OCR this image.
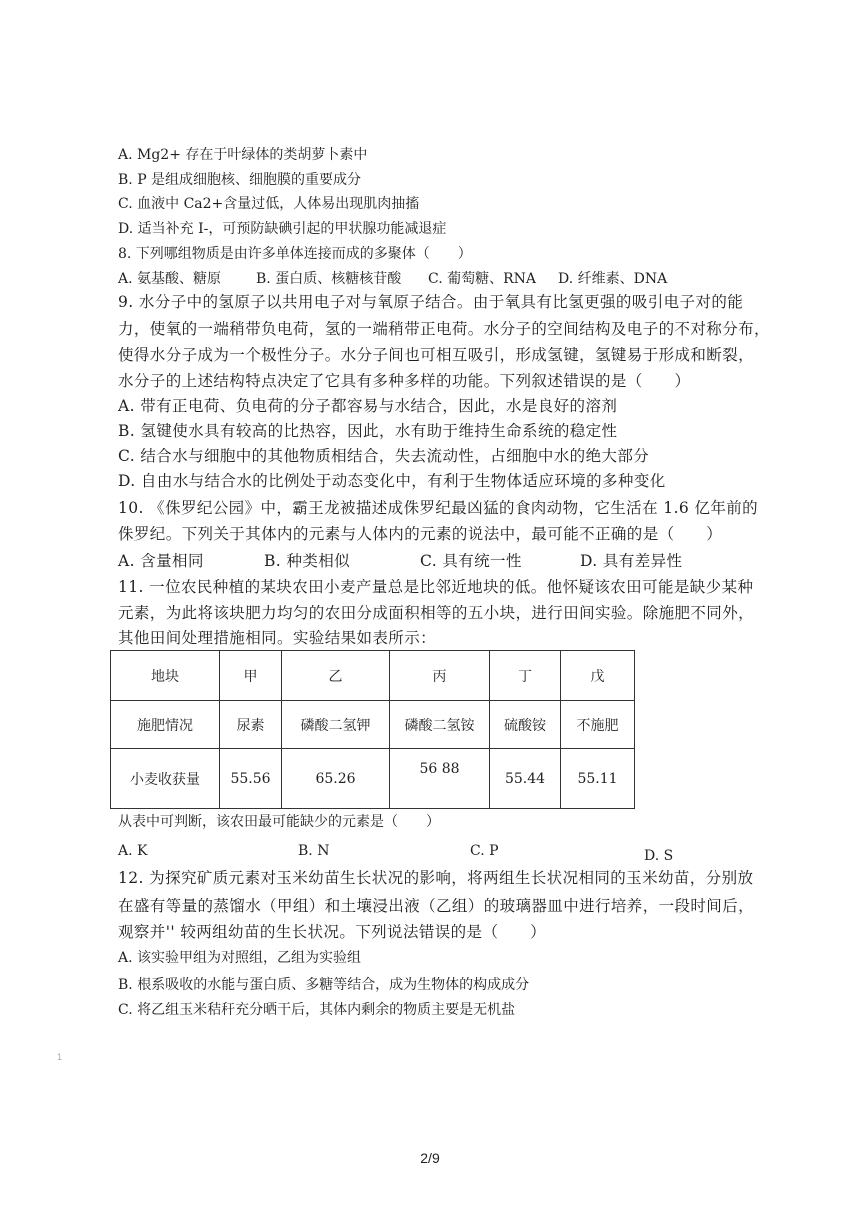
A. Mg2+ 存在于叶绿体的类胡萝卜素中
B. P 是组成细胞核、细胞膜的重要成分
C. 血液中 Ca2+含量过低，人体易出现肌肉抽搐
D. 适当补充 I-，可预防缺碘引起的甲状腺功能减退症
8. 下列哪组物质是由许多单体连接而成的多聚体（　　）
A. 氨基酸、糖原 B. 蛋白质、核糖核苷酸 C. 葡萄糖、RNA D. 纤维素、DNA
9. 水分子中的氢原子以共用电子对与氧原子结合。由于氧具有比氢更强的吸引电子对的能
力，使氧的一端稍带负电荷，氢的一端稍带正电荷。水分子的空间结构及电子的不对称分布，
使得水分子成为一个极性分子。水分子间也可相互吸引，形成氢键，氢键易于形成和断裂，
水分子的上述结构特点决定了它具有多种多样的功能。下列叙述错误的是（　　）
A. 带有正电荷、负电荷的分子都容易与水结合，因此，水是良好的溶剂
B. 氢键使水具有较高的比热容，因此，水有助于维持生命系统的稳定性
C. 结合水与细胞中的其他物质相结合，失去流动性，占细胞中水的绝大部分
D. 自由水与结合水的比例处于动态变化中，有利于生物体适应环境的多种变化
10. 《侏罗纪公园》中，霸王龙被描述成侏罗纪最凶猛的食肉动物，它生活在 1.6 亿年前的
侏罗纪。下列关于其体内的元素与人体内的元素的说法中，最可能不正确的是（　　）
A. 含量相同	B. 种类相似	C. 具有统一性	D. 具有差异性
11. 一位农民种植的某块农田小麦产量总是比邻近地块的低。他怀疑该农田可能是缺少某种
元素，为此将该块肥力均匀的农田分成面积相等的五小块，进行田间实验。除施肥不同外，
其他田间处理措施相同。实验结果如表所示：
地块	甲	乙	丙	丁	戊
施肥情况	尿素	磷酸二氢钾	磷酸二氢铵	硫酸铵	不施肥
小麦收获量	55.56	65.26	56 88	55.44	55.11
从表中可判断，该农田最可能缺少的元素是（　　）
A. K	B. N	C. P	D. S
12. 为探究矿质元素对玉米幼苗生长状况的影响，将两组生长状况相同的玉米幼苗，分别放
在盛有等量的蒸馏水（甲组）和土壤浸出液（乙组）的玻璃器皿中进行培养，一段时间后，
观察并'' 较两组幼苗的生长状况。下列说法错误的是（　　）
A. 该实验甲组为对照组，乙组为实验组
B. 根系吸收的水能与蛋白质、多糖等结合，成为生物体的构成成分
C. 将乙组玉米秸秆充分晒干后，其体内剩余的物质主要是无机盐
1
2/9
